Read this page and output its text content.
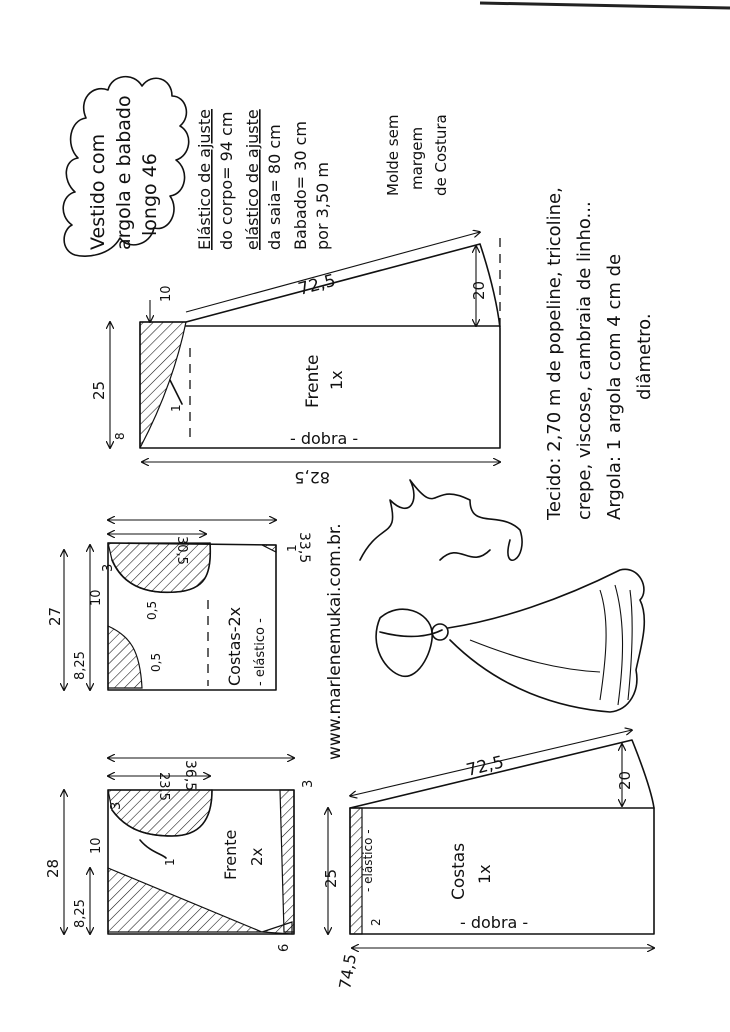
Vestido com argola e babado longo 46 Elástico de ajuste do corpo= 94 cm elástico de ajuste da saia= 80 cm Babado= 30 cm por 3,50 m
Molde sem margem de Costura
1
72,5	20
10
25
8
82,5
Frente 1x
- dobra -	Tecido: 2,70 m de popeline, tricoline, crepe, viscose, cambraia de linho... Argola: 1 argola com 4 cm de diâmetro.
Marlene Mukai
www.marlenemukai.com.br.
33,5
30,5
27
8,25
10
3
0,5
0,5
1
Costas-2x - elástico -
36,5
23,5
28
8,25
10
3
1
6
3
Frente 2x
72,5	20
25
2
- elástico -
74,5
Costas 1x
- dobra -
